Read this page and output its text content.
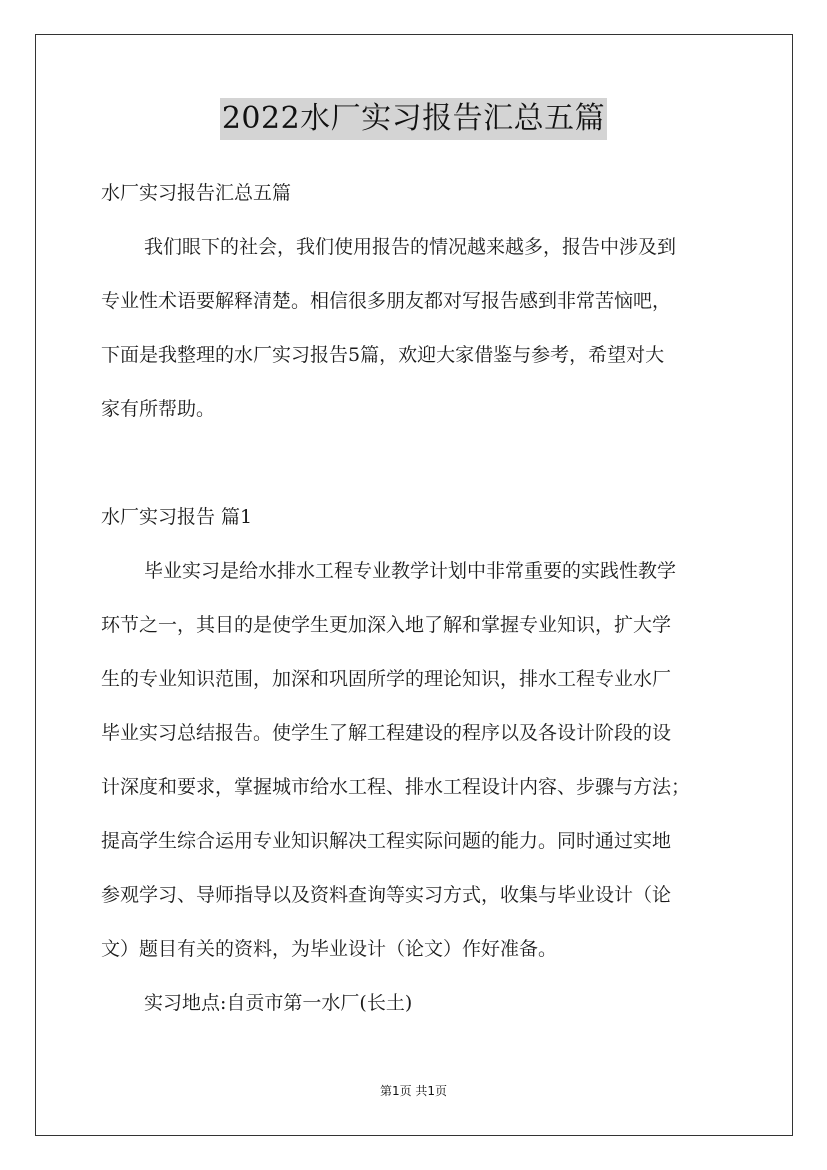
2022水厂实习报告汇总五篇
水厂实习报告汇总五篇
我们眼下的社会，我们使用报告的情况越来越多，报告中涉及到
专业性术语要解释清楚。相信很多朋友都对写报告感到非常苦恼吧，
下面是我整理的水厂实习报告5篇，欢迎大家借鉴与参考，希望对大
家有所帮助。
水厂实习报告 篇1
毕业实习是给水排水工程专业教学计划中非常重要的实践性教学
环节之一，其目的是使学生更加深入地了解和掌握专业知识，扩大学
生的专业知识范围，加深和巩固所学的理论知识，排水工程专业水厂
毕业实习总结报告。使学生了解工程建设的程序以及各设计阶段的设
计深度和要求，掌握城市给水工程、排水工程设计内容、步骤与方法；
提高学生综合运用专业知识解决工程实际问题的能力。同时通过实地
参观学习、导师指导以及资料查询等实习方式，收集与毕业设计（论
文）题目有关的资料，为毕业设计（论文）作好准备。
实习地点:自贡市第一水厂(长土)
第1页 共1页
